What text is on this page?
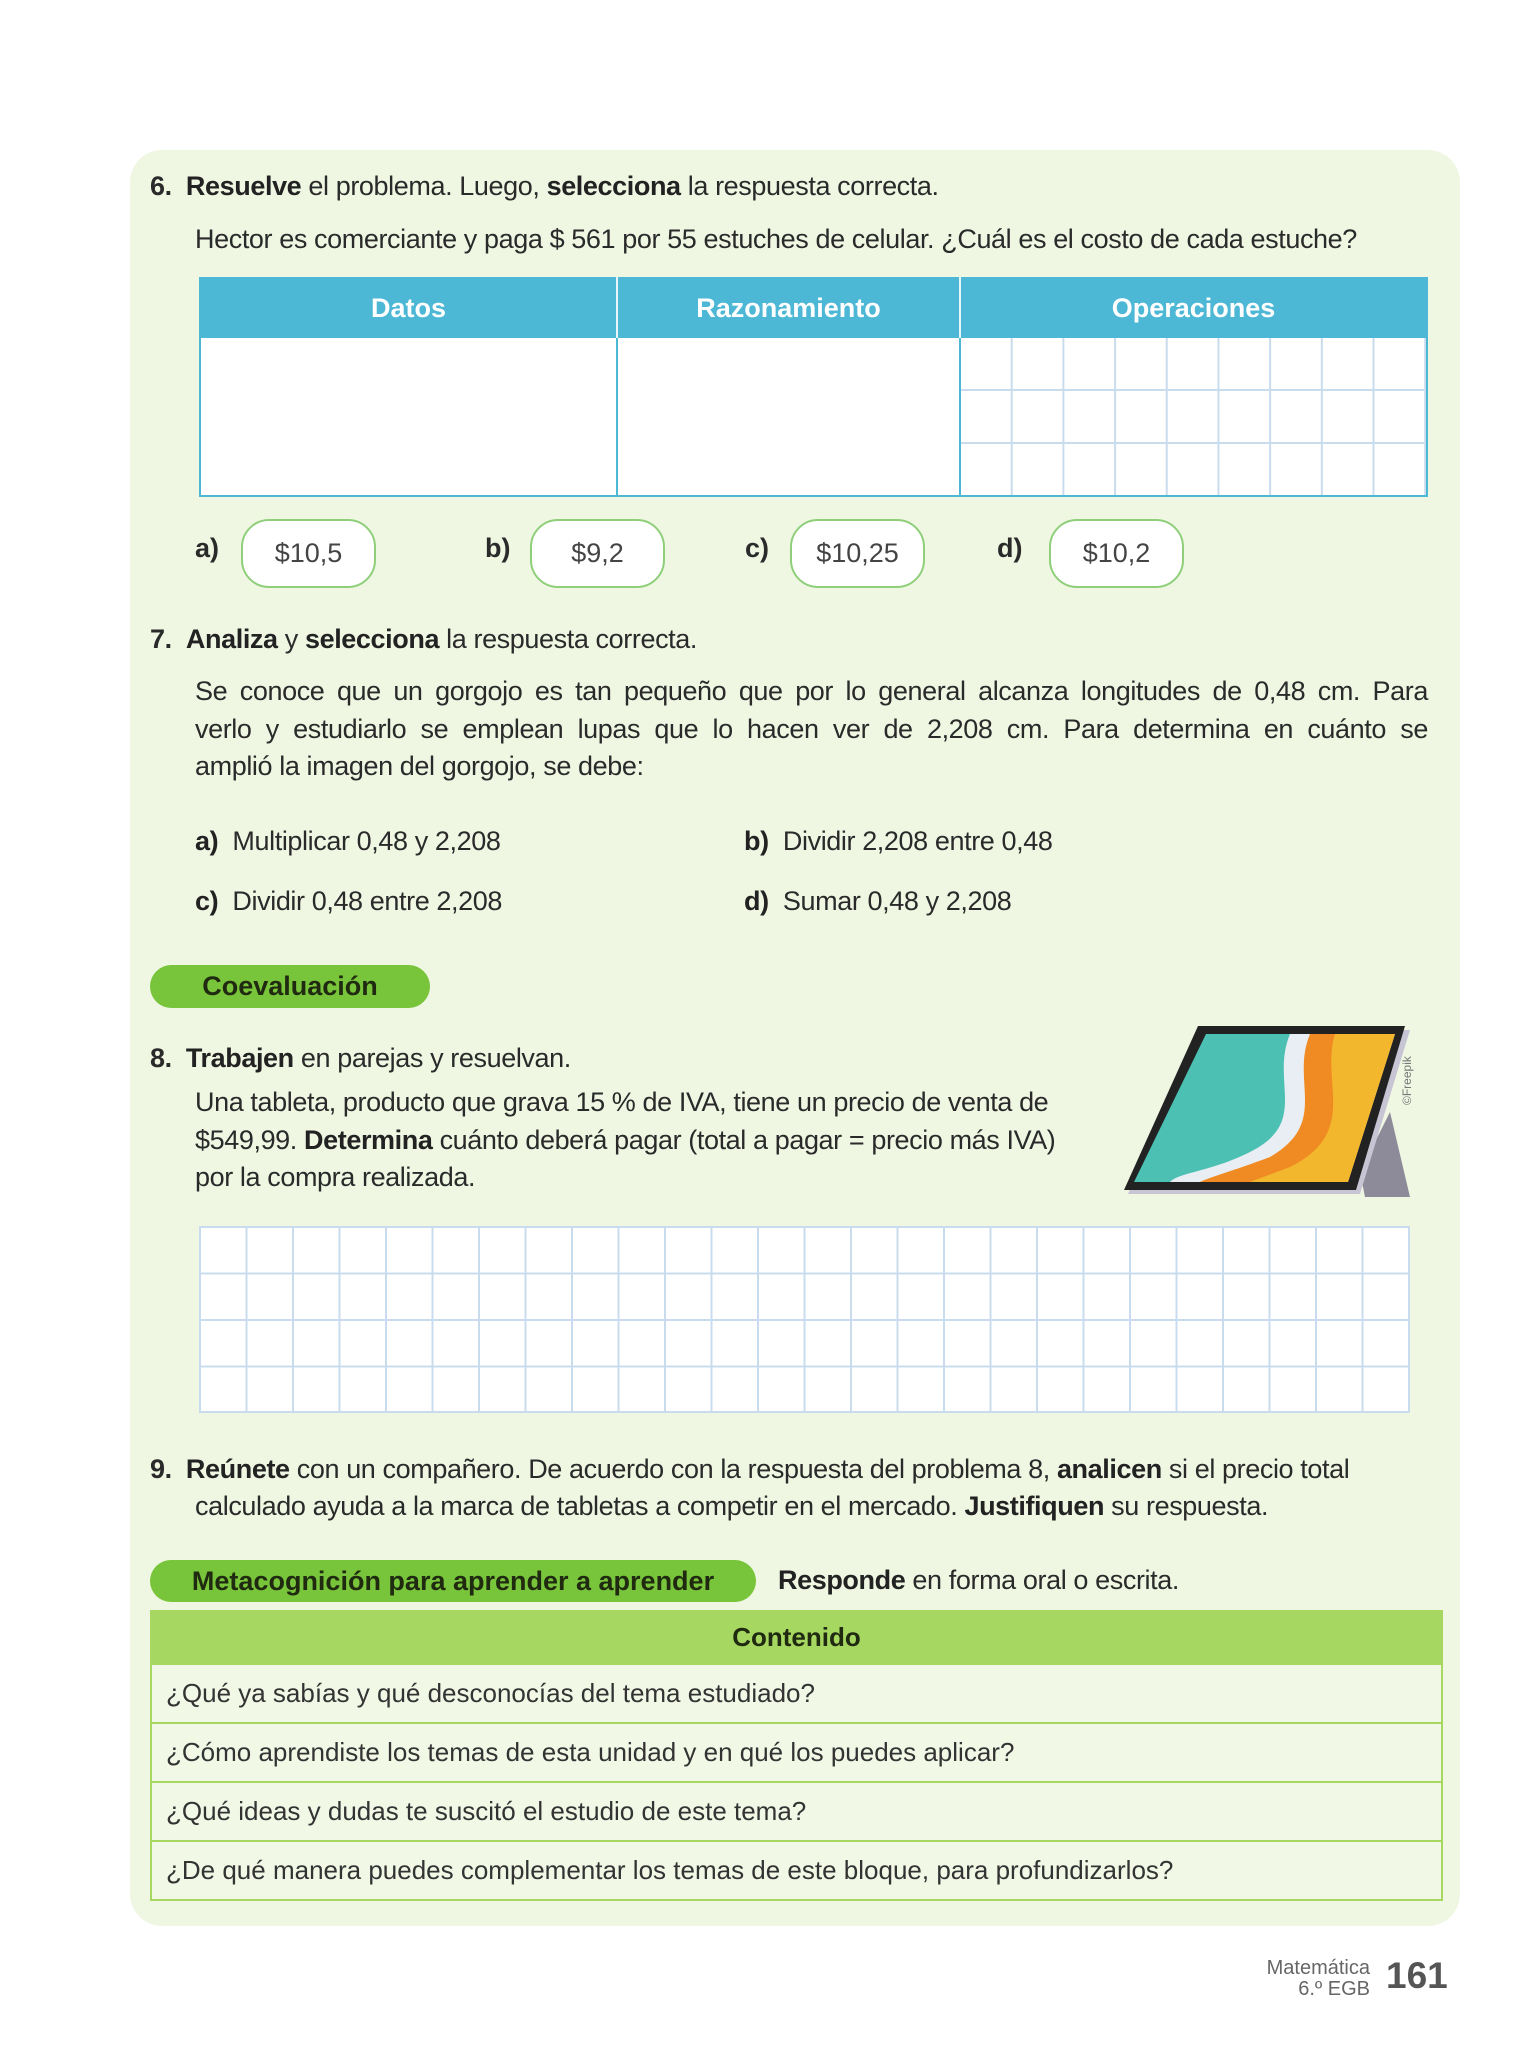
6. Resuelve el problema. Luego, selecciona la respuesta correcta.
Hector es comerciante y paga $ 561 por 55 estuches de celular. ¿Cuál es el costo de cada estuche?
Datos	Razonamiento	Operaciones

a)	$10,5	b)	$9,2	c)	$10,25	d)	$10,2
7. Analiza y selecciona la respuesta correcta.
Se conoce que un gorgojo es tan pequeño que por lo general alcanza longitudes de 0,48 cm. Para
verlo y estudiarlo se emplean lupas que lo hacen ver de 2,208 cm. Para determina en cuánto se
amplió la imagen del gorgojo, se debe:
a) Multiplicar 0,48 y 2,208	b) Dividir 2,208 entre 0,48
c) Dividir 0,48 entre 2,208	d) Sumar 0,48 y 2,208
Coevaluación
8. Trabajen en parejas y resuelvan.
Una tableta, producto que grava 15 % de IVA, tiene un precio de venta de
$549,99. Determina cuánto deberá pagar (total a pagar = precio más IVA)
por la compra realizada.
©Freepik
9. Reúnete con un compañero. De acuerdo con la respuesta del problema 8, analicen si el precio total
calculado ayuda a la marca de tabletas a competir en el mercado. Justifiquen su respuesta.
Metacognición para aprender a aprender	Responde en forma oral o escrita.
Contenido
¿Qué ya sabías y qué desconocías del tema estudiado?
¿Cómo aprendiste los temas de esta unidad y en qué los puedes aplicar?
¿Qué ideas y dudas te suscitó el estudio de este tema?
¿De qué manera puedes complementar los temas de este bloque, para profundizarlos?
Matemática
6.º EGB 161
